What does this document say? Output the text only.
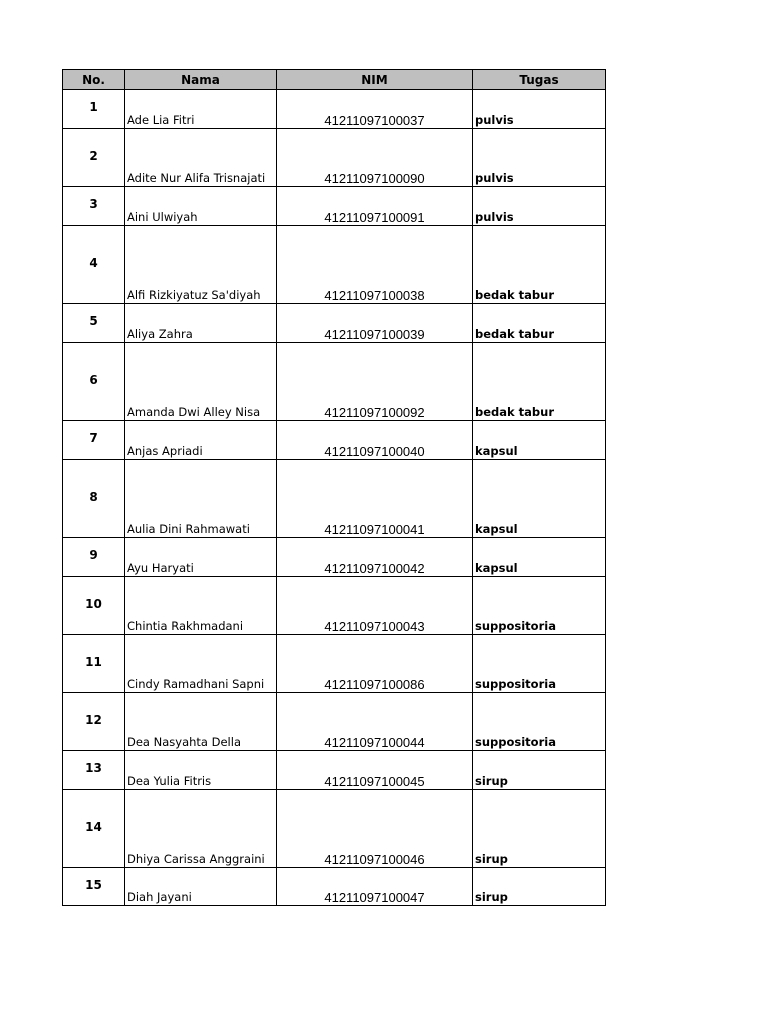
No.	Nama	NIM	Tugas
1	Ade Lia Fitri	41211097100037	pulvis
2	Adite Nur Alifa Trisnajati	41211097100090	pulvis
3	Aini Ulwiyah	41211097100091	pulvis
4	Alfi Rizkiyatuz Sa'diyah	41211097100038	bedak tabur
5	Aliya Zahra	41211097100039	bedak tabur
6	Amanda Dwi Alley Nisa	41211097100092	bedak tabur
7	Anjas Apriadi	41211097100040	kapsul
8	Aulia Dini Rahmawati	41211097100041	kapsul
9	Ayu Haryati	41211097100042	kapsul
10	Chintia Rakhmadani	41211097100043	suppositoria
11	Cindy Ramadhani Sapni	41211097100086	suppositoria
12	Dea Nasyahta Della	41211097100044	suppositoria
13	Dea Yulia Fitris	41211097100045	sirup
14	Dhiya Carissa Anggraini	41211097100046	sirup
15	Diah Jayani	41211097100047	sirup
